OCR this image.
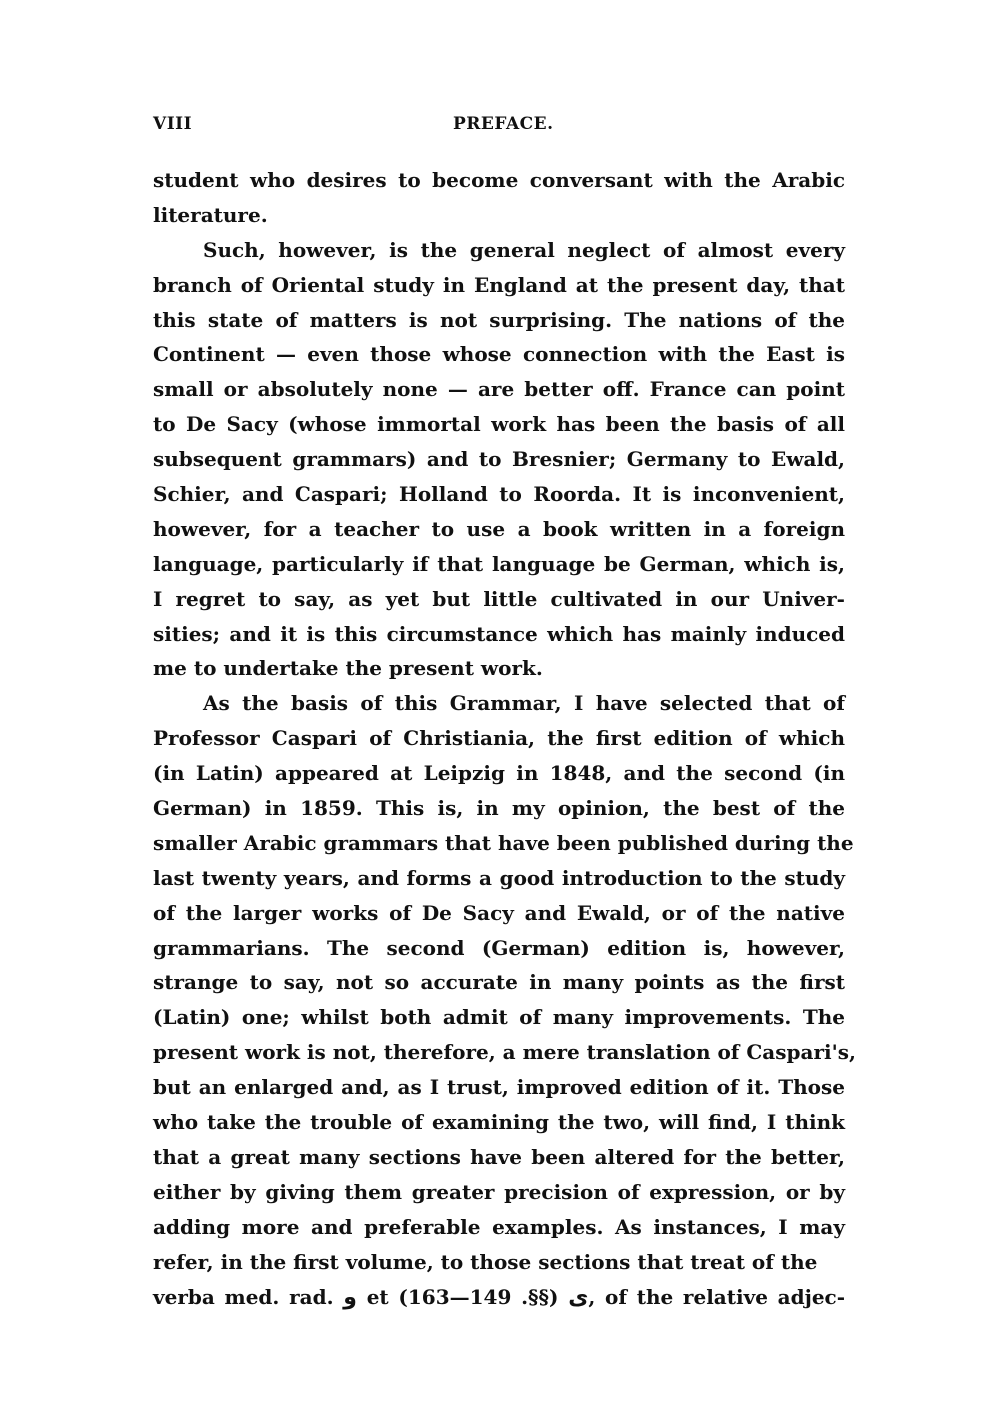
VIII	PREFACE.
student who desires to become conversant with the Arabic
literature.
Such, however, is the general neglect of almost every
branch of Oriental study in England at the present day, that
this state of matters is not surprising. The nations of the
Continent — even those whose connection with the East is
small or absolutely none — are better off. France can point
to De Sacy (whose immortal work has been the basis of all
subsequent grammars) and to Bresnier; Germany to Ewald,
Schier, and Caspari; Holland to Roorda. It is inconvenient,
however, for a teacher to use a book written in a foreign
language, particularly if that language be German, which is,
I regret to say, as yet but little cultivated in our Univer-
sities; and it is this circumstance which has mainly induced
me to undertake the present work.
As the basis of this Grammar, I have selected that of
Professor Caspari of Christiania, the first edition of which
(in Latin) appeared at Leipzig in 1848, and the second (in
German) in 1859. This is, in my opinion, the best of the
smaller Arabic grammars that have been published during the
last twenty years, and forms a good introduction to the study
of the larger works of De Sacy and Ewald, or of the native
grammarians. The second (German) edition is, however,
strange to say, not so accurate in many points as the first
(Latin) one; whilst both admit of many improvements. The
present work is not, therefore, a mere translation of Caspari's,
but an enlarged and, as I trust, improved edition of it. Those
who take the trouble of examining the two, will find, I think
that a great many sections have been altered for the better,
either by giving them greater precision of expression, or by
adding more and preferable examples. As instances, I may
refer, in the first volume, to those sections that treat of the
verba med. rad. و et	ى (§§. 149—163), of the relative adjec-
